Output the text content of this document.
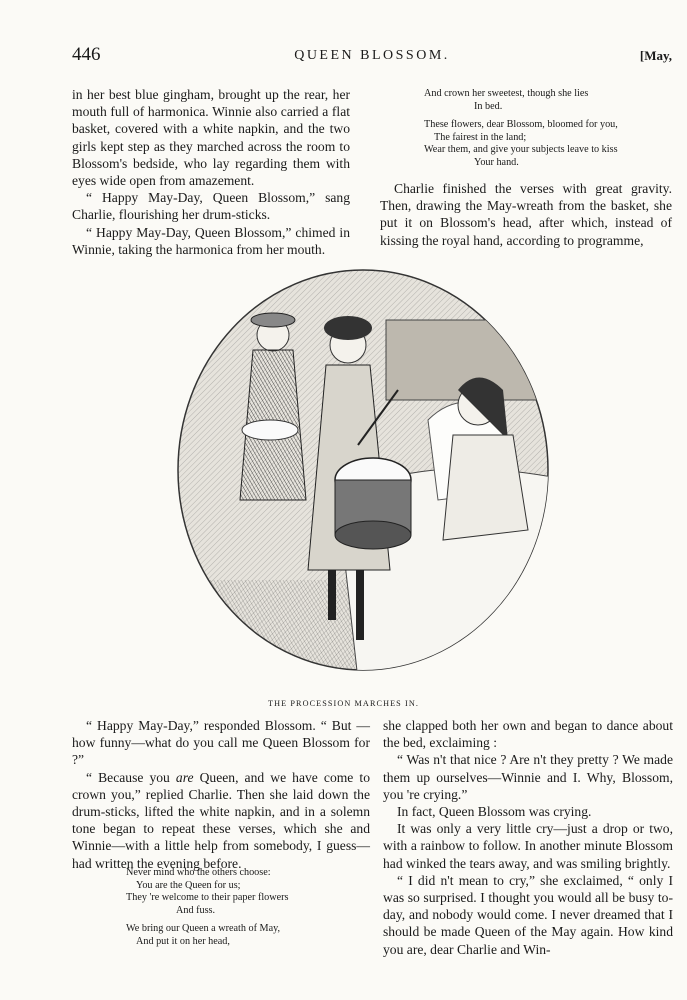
446	QUEEN BLOSSOM.	[May,

in her best blue gingham, brought up the rear, her mouth full of harmonica. Winnie also carried a flat basket, covered with a white napkin, and the two girls kept step as they marched across the room to Blossom's bedside, who lay regarding them with eyes wide open from amazement.

“ Happy May-Day, Queen Blossom,” sang Charlie, flourishing her drum-sticks.

“ Happy May-Day, Queen Blossom,” chimed in Winnie, taking the harmonica from her mouth.

And crown her sweetest, though she lies
In bed.
These flowers, dear Blossom, bloomed for you,
The fairest in the land;
Wear them, and give your subjects leave to kiss
Your hand.

Charlie finished the verses with great gravity. Then, drawing the May-wreath from the basket, she put it on Blossom's head, after which, instead of kissing the royal hand, according to programme,

THE PROCESSION MARCHES IN.

“ Happy May-Day,” responded Blossom. “ But —how funny—what do you call me Queen Blossom for ?”

“ Because you are Queen, and we have come to crown you,” replied Charlie. Then she laid down the drum-sticks, lifted the white napkin, and in a solemn tone began to repeat these verses, which she and Winnie—with a little help from somebody, I guess—had written the evening before.

Never mind who the others choose:
You are the Queen for us;
They 're welcome to their paper flowers
And fuss.
We bring our Queen a wreath of May,
And put it on her head,

she clapped both her own and began to dance about the bed, exclaiming :

“ Was n't that nice ? Are n't they pretty ? We made them up ourselves—Winnie and I. Why, Blossom, you 're crying.”

In fact, Queen Blossom was crying.

It was only a very little cry—just a drop or two, with a rainbow to follow. In another minute Blossom had winked the tears away, and was smiling brightly.

“ I did n't mean to cry,” she exclaimed, “ only I was so surprised. I thought you would all be busy to-day, and nobody would come. I never dreamed that I should be made Queen of the May again. How kind you are, dear Charlie and Win-
